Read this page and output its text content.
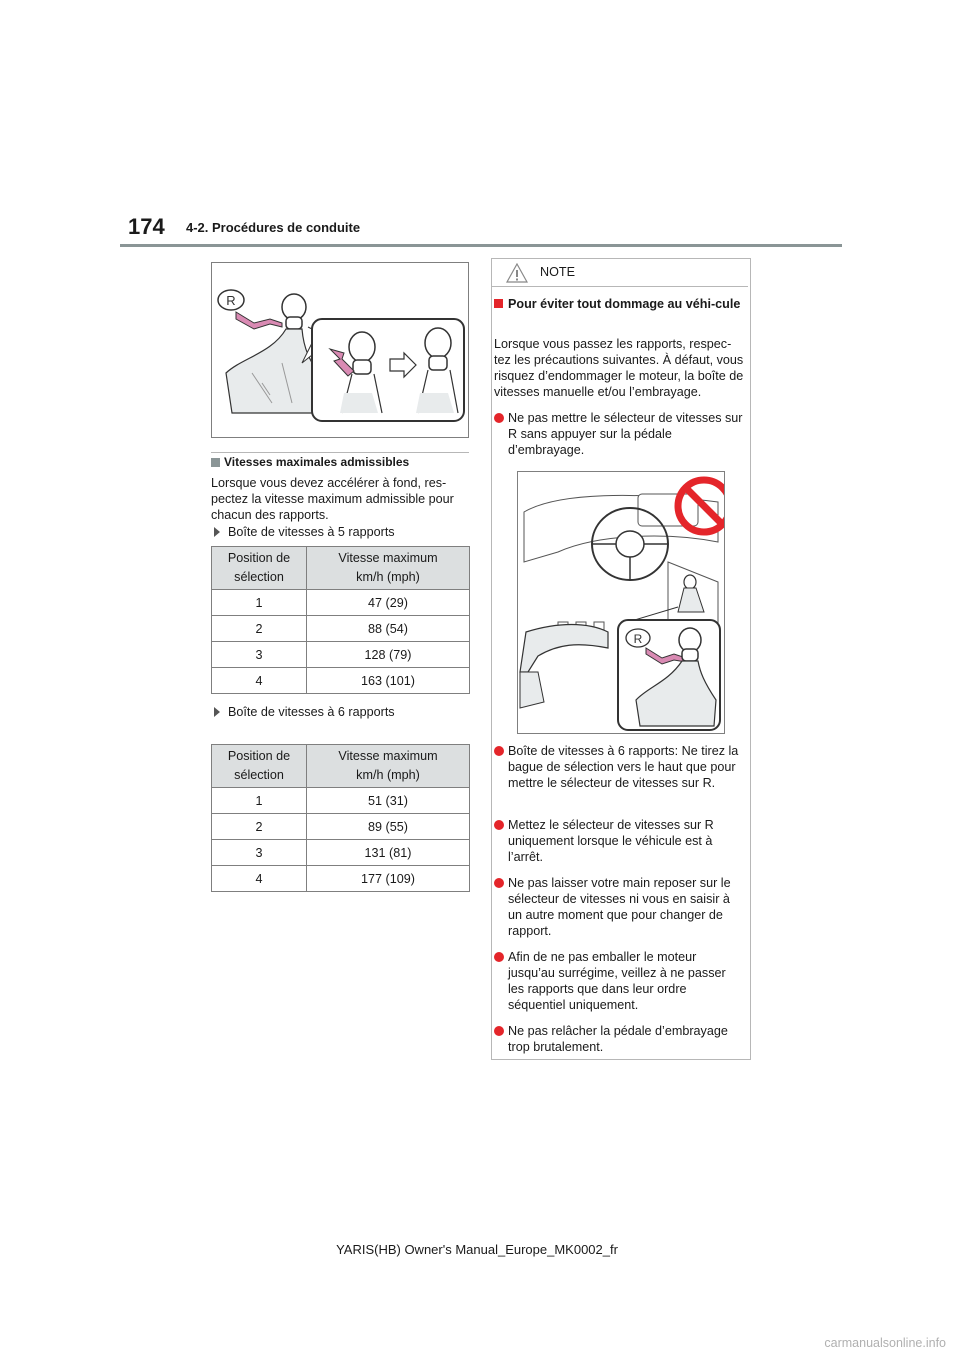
174 4-2. Procédures de conduite
R
Vitesses maximales admissibles
Lorsque vous devez accélérer à fond, res-pectez la vitesse maximum admissible pour chacun des rapports.
Boîte de vitesses à 5 rapports
Position de
sélection	Vitesse maximum
km/h (mph)
1	47 (29)
2	88 (54)
3	128 (79)
4	163 (101)
Boîte de vitesses à 6 rapports
Position de
sélection	Vitesse maximum
km/h (mph)
1	51 (31)
2	89 (55)
3	131 (81)
4	177 (109)
NOTE
Pour éviter tout dommage au véhi-cule
Lorsque vous passez les rapports, respec-tez les précautions suivantes. À défaut, vous risquez d’endommager le moteur, la boîte de vitesses manuelle et/ou l’embrayage.
Ne pas mettre le sélecteur de vitesses sur R sans appuyer sur la pédale d’embrayage.
R
Boîte de vitesses à 6 rapports: Ne tirez la bague de sélection vers le haut que pour mettre le sélecteur de vitesses sur R.
Mettez le sélecteur de vitesses sur R uniquement lorsque le véhicule est à l’arrêt.
Ne pas laisser votre main reposer sur le sélecteur de vitesses ni vous en saisir à un autre moment que pour changer de rapport.
Afin de ne pas emballer le moteur jusqu’au surrégime, veillez à ne passer les rapports que dans leur ordre séquentiel uniquement.
Ne pas relâcher la pédale d’embrayage trop brutalement.
YARIS(HB) Owner's Manual_Europe_MK0002_fr
carmanualsonline.info
